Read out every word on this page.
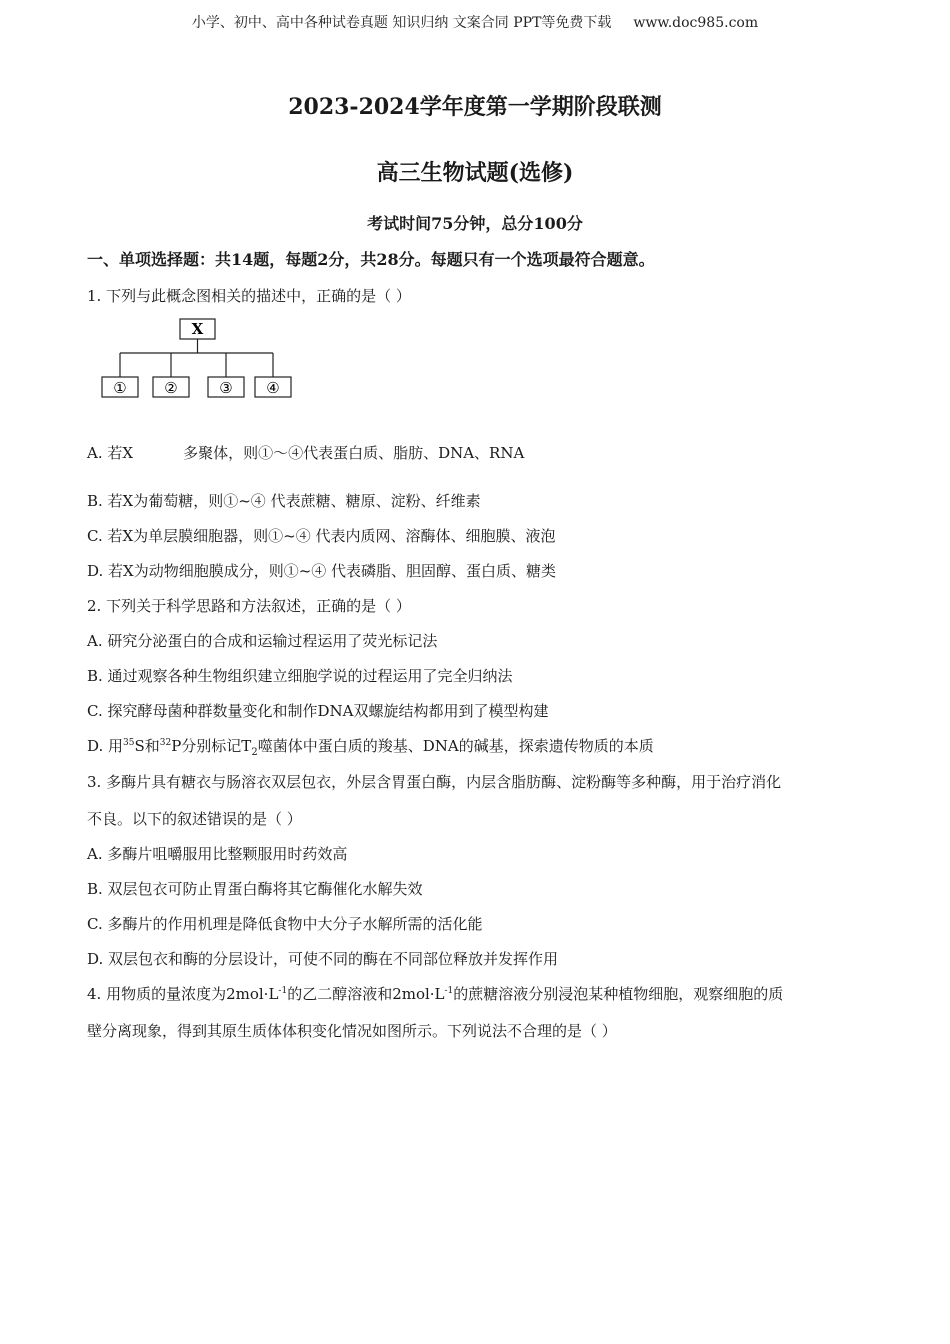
小学、初中、高中各种试卷真题 知识归纳 文案合同 PPT等免费下载 www.doc985.com
2023-2024学年度第一学期阶段联测
高三生物试题(选修)
考试时间75分钟，总分100分
一、单项选择题：共14题，每题2分，共28分。每题只有一个选项最符合题意。
1. 下列与此概念图相关的描述中，正确的是（ ）
X
①	②	③ ④
A. 若X	多聚体，则①～④代表蛋白质、脂肪、DNA、RNA
B. 若X为葡萄糖，则①~④ 代表蔗糖、糖原、淀粉、纤维素
C. 若X为单层膜细胞器，则①~④ 代表内质网、溶酶体、细胞膜、液泡
D. 若X为动物细胞膜成分，则①~④ 代表磷脂、胆固醇、蛋白质、糖类
2. 下列关于科学思路和方法叙述，正确的是（ ）
A. 研究分泌蛋白的合成和运输过程运用了荧光标记法
B. 通过观察各种生物组织建立细胞学说的过程运用了完全归纳法
C. 探究酵母菌种群数量变化和制作DNA双螺旋结构都用到了模型构建
D. 用$^{35}$S和$^{32}$P分别标记$T_2$噬菌体中蛋白质的羧基、DNA的碱基，探索遗传物质的本质
3. 多酶片具有糖衣与肠溶衣双层包衣，外层含胃蛋白酶，内层含脂肪酶、淀粉酶等多种酶，用于治疗消化
不良。以下的叙述错误的是（ ）
A. 多酶片咀嚼服用比整颗服用时药效高
B. 双层包衣可防止胃蛋白酶将其它酶催化水解失效
C. 多酶片的作用机理是降低食物中大分子水解所需的活化能
D. 双层包衣和酶的分层设计，可使不同的酶在不同部位释放并发挥作用
4. 用物质的量浓度为$2mol\cdot L^{-1}$的乙二醇溶液和$2mol\cdot L^{-1}$的蔗糖溶液分别浸泡某种植物细胞，观察细胞的质
壁分离现象，得到其原生质体体积变化情况如图所示。下列说法不合理的是（ ）
